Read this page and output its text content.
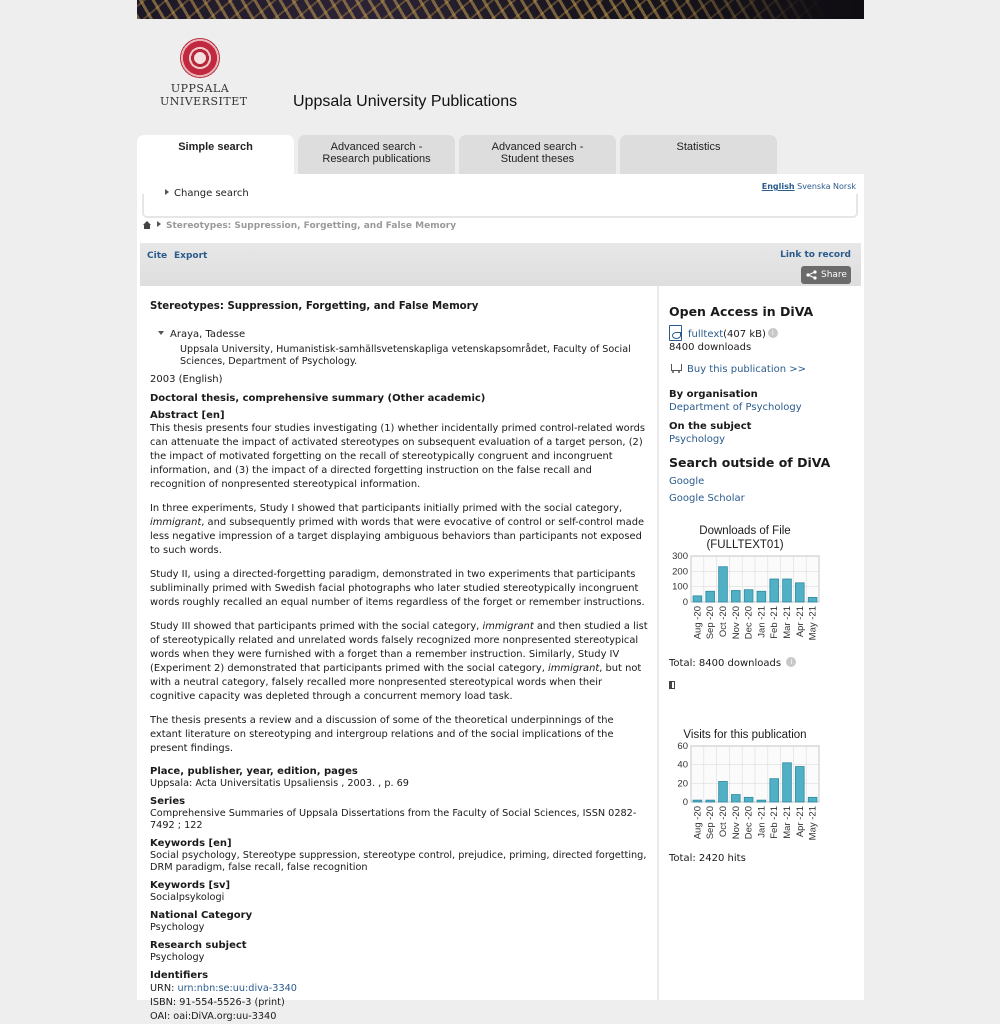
UPPSALA
UNIVERSITET	Uppsala University Publications
Simple search	Advanced search -
Research publications
Advanced search -
Student theses
Statistics
English Svenska Norsk
Change search
Stereotypes: Suppression, Forgetting, and False Memory
Cite Export	Link to record
Share
Stereotypes: Suppression, Forgetting, and False Memory
Araya, Tadesse
Uppsala University, Humanistisk-samhällsvetenskapliga vetenskapsområdet, Faculty of Social Sciences, Department of Psychology.
2003 (English)
Doctoral thesis, comprehensive summary (Other academic)
Abstract [en]

This thesis presents four studies investigating (1) whether incidentally primed control-related words can attenuate the impact of activated stereotypes on subsequent evaluation of a target person, (2) the impact of motivated forgetting on the recall of stereotypically congruent and incongruent information, and (3) the impact of a directed forgetting instruction on the false recall and recognition of nonpresented stereotypical information.

In three experiments, Study I showed that participants initially primed with the social category, immigrant, and subsequently primed with words that were evocative of control or self-control made less negative impression of a target displaying ambiguous behaviors than participants not exposed to such words.

Study II, using a directed-forgetting paradigm, demonstrated in two experiments that participants subliminally primed with Swedish facial photographs who later studied stereotypically incongruent words roughly recalled an equal number of items regardless of the forget or remember instructions.

Study III showed that participants primed with the social category, immigrant and then studied a list of stereotypically related and unrelated words falsely recognized more nonpresented stereotypical words when they were furnished with a forget than a remember instruction. Similarly, Study IV (Experiment 2) demonstrated that participants primed with the social category, immigrant, but not with a neutral category, falsely recalled more nonpresented stereotypical words when their cognitive capacity was depleted through a concurrent memory load task.

The thesis presents a review and a discussion of some of the theoretical underpinnings of the extant literature on stereotyping and intergroup relations and of the social implications of the present findings.

Place, publisher, year, edition, pages
Uppsala: Acta Universitatis Upsaliensis , 2003. , p. 69
Series
Comprehensive Summaries of Uppsala Dissertations from the Faculty of Social Sciences, ISSN 0282-7492 ; 122
Keywords [en]
Social psychology, Stereotype suppression, stereotype control, prejudice, priming, directed forgetting, DRM paradigm, false recall, false recognition
Keywords [sv]
Socialpsykologi
National Category
Psychology
Research subject
Psychology
Identifiers
URN: urn:nbn:se:uu:diva-3340
ISBN: 91-554-5526-3 (print)
OAI: oai:DiVA.org:uu-3340
Open Access in DiVA
fulltext(407 kB) i
8400 downloads
Buy this publication >>
By organisation
Department of Psychology
On the subject
Psychology
Search outside of DiVA
Google
Google Scholar
Downloads of File (FULLTEXT01)
0
100
200
300
Aug -20 Sep -20 Oct -20 Nov -20 Dec -20 Jan -21 Feb -21 Mar -21 Apr -21 May -21
Total: 8400 downloads i
Visits for this publication
0
20
40
60
Aug -20 Sep -20 Oct -20 Nov -20 Dec -20 Jan -21 Feb -21 Mar -21 Apr -21 May -21
Total: 2420 hits
